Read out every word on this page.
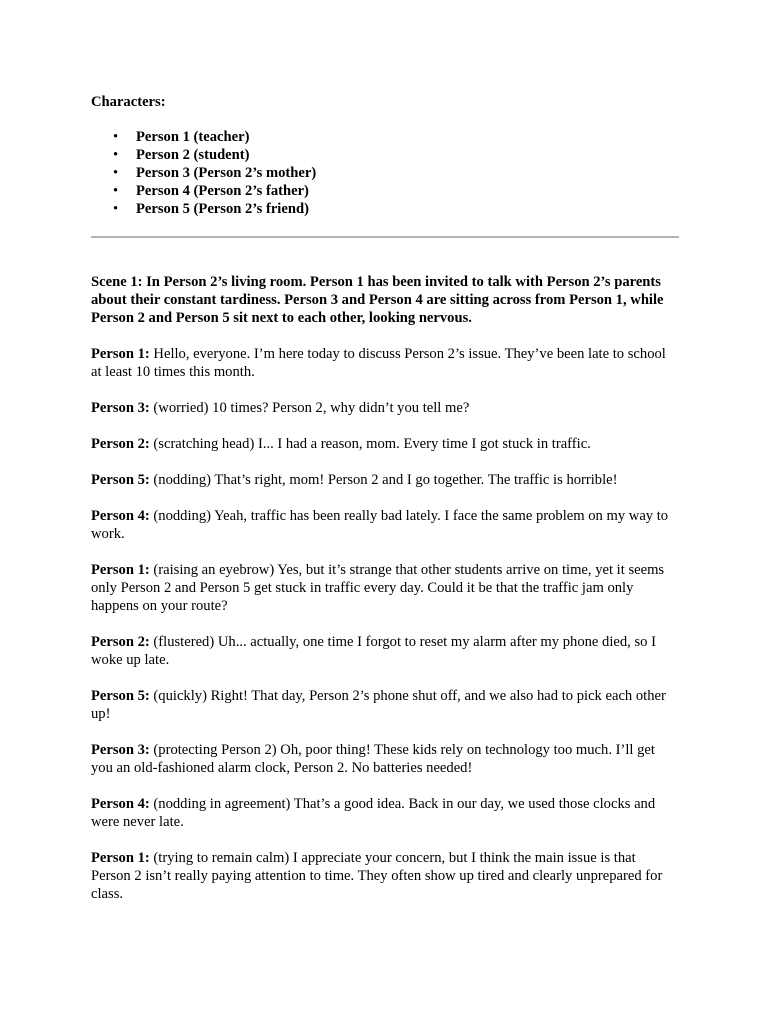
Characters:

• Person 1 (teacher)
• Person 2 (student)
• Person 3 (Person 2’s mother)
• Person 4 (Person 2’s father)
• Person 5 (Person 2’s friend)

Scene 1: In Person 2’s living room. Person 1 has been invited to talk with Person 2’s parents about their constant tardiness. Person 3 and Person 4 are sitting across from Person 1, while Person 2 and Person 5 sit next to each other, looking nervous.

Person 1: Hello, everyone. I’m here today to discuss Person 2’s issue. They’ve been late to school at least 10 times this month.

Person 3: (worried) 10 times? Person 2, why didn’t you tell me?

Person 2: (scratching head) I... I had a reason, mom. Every time I got stuck in traffic.

Person 5: (nodding) That’s right, mom! Person 2 and I go together. The traffic is horrible!

Person 4: (nodding) Yeah, traffic has been really bad lately. I face the same problem on my way to work.

Person 1: (raising an eyebrow) Yes, but it’s strange that other students arrive on time, yet it seems only Person 2 and Person 5 get stuck in traffic every day. Could it be that the traffic jam only happens on your route?

Person 2: (flustered) Uh... actually, one time I forgot to reset my alarm after my phone died, so I woke up late.

Person 5: (quickly) Right! That day, Person 2’s phone shut off, and we also had to pick each other up!

Person 3: (protecting Person 2) Oh, poor thing! These kids rely on technology too much. I’ll get you an old-fashioned alarm clock, Person 2. No batteries needed!

Person 4: (nodding in agreement) That’s a good idea. Back in our day, we used those clocks and were never late.

Person 1: (trying to remain calm) I appreciate your concern, but I think the main issue is that Person 2 isn’t really paying attention to time. They often show up tired and clearly unprepared for class.
